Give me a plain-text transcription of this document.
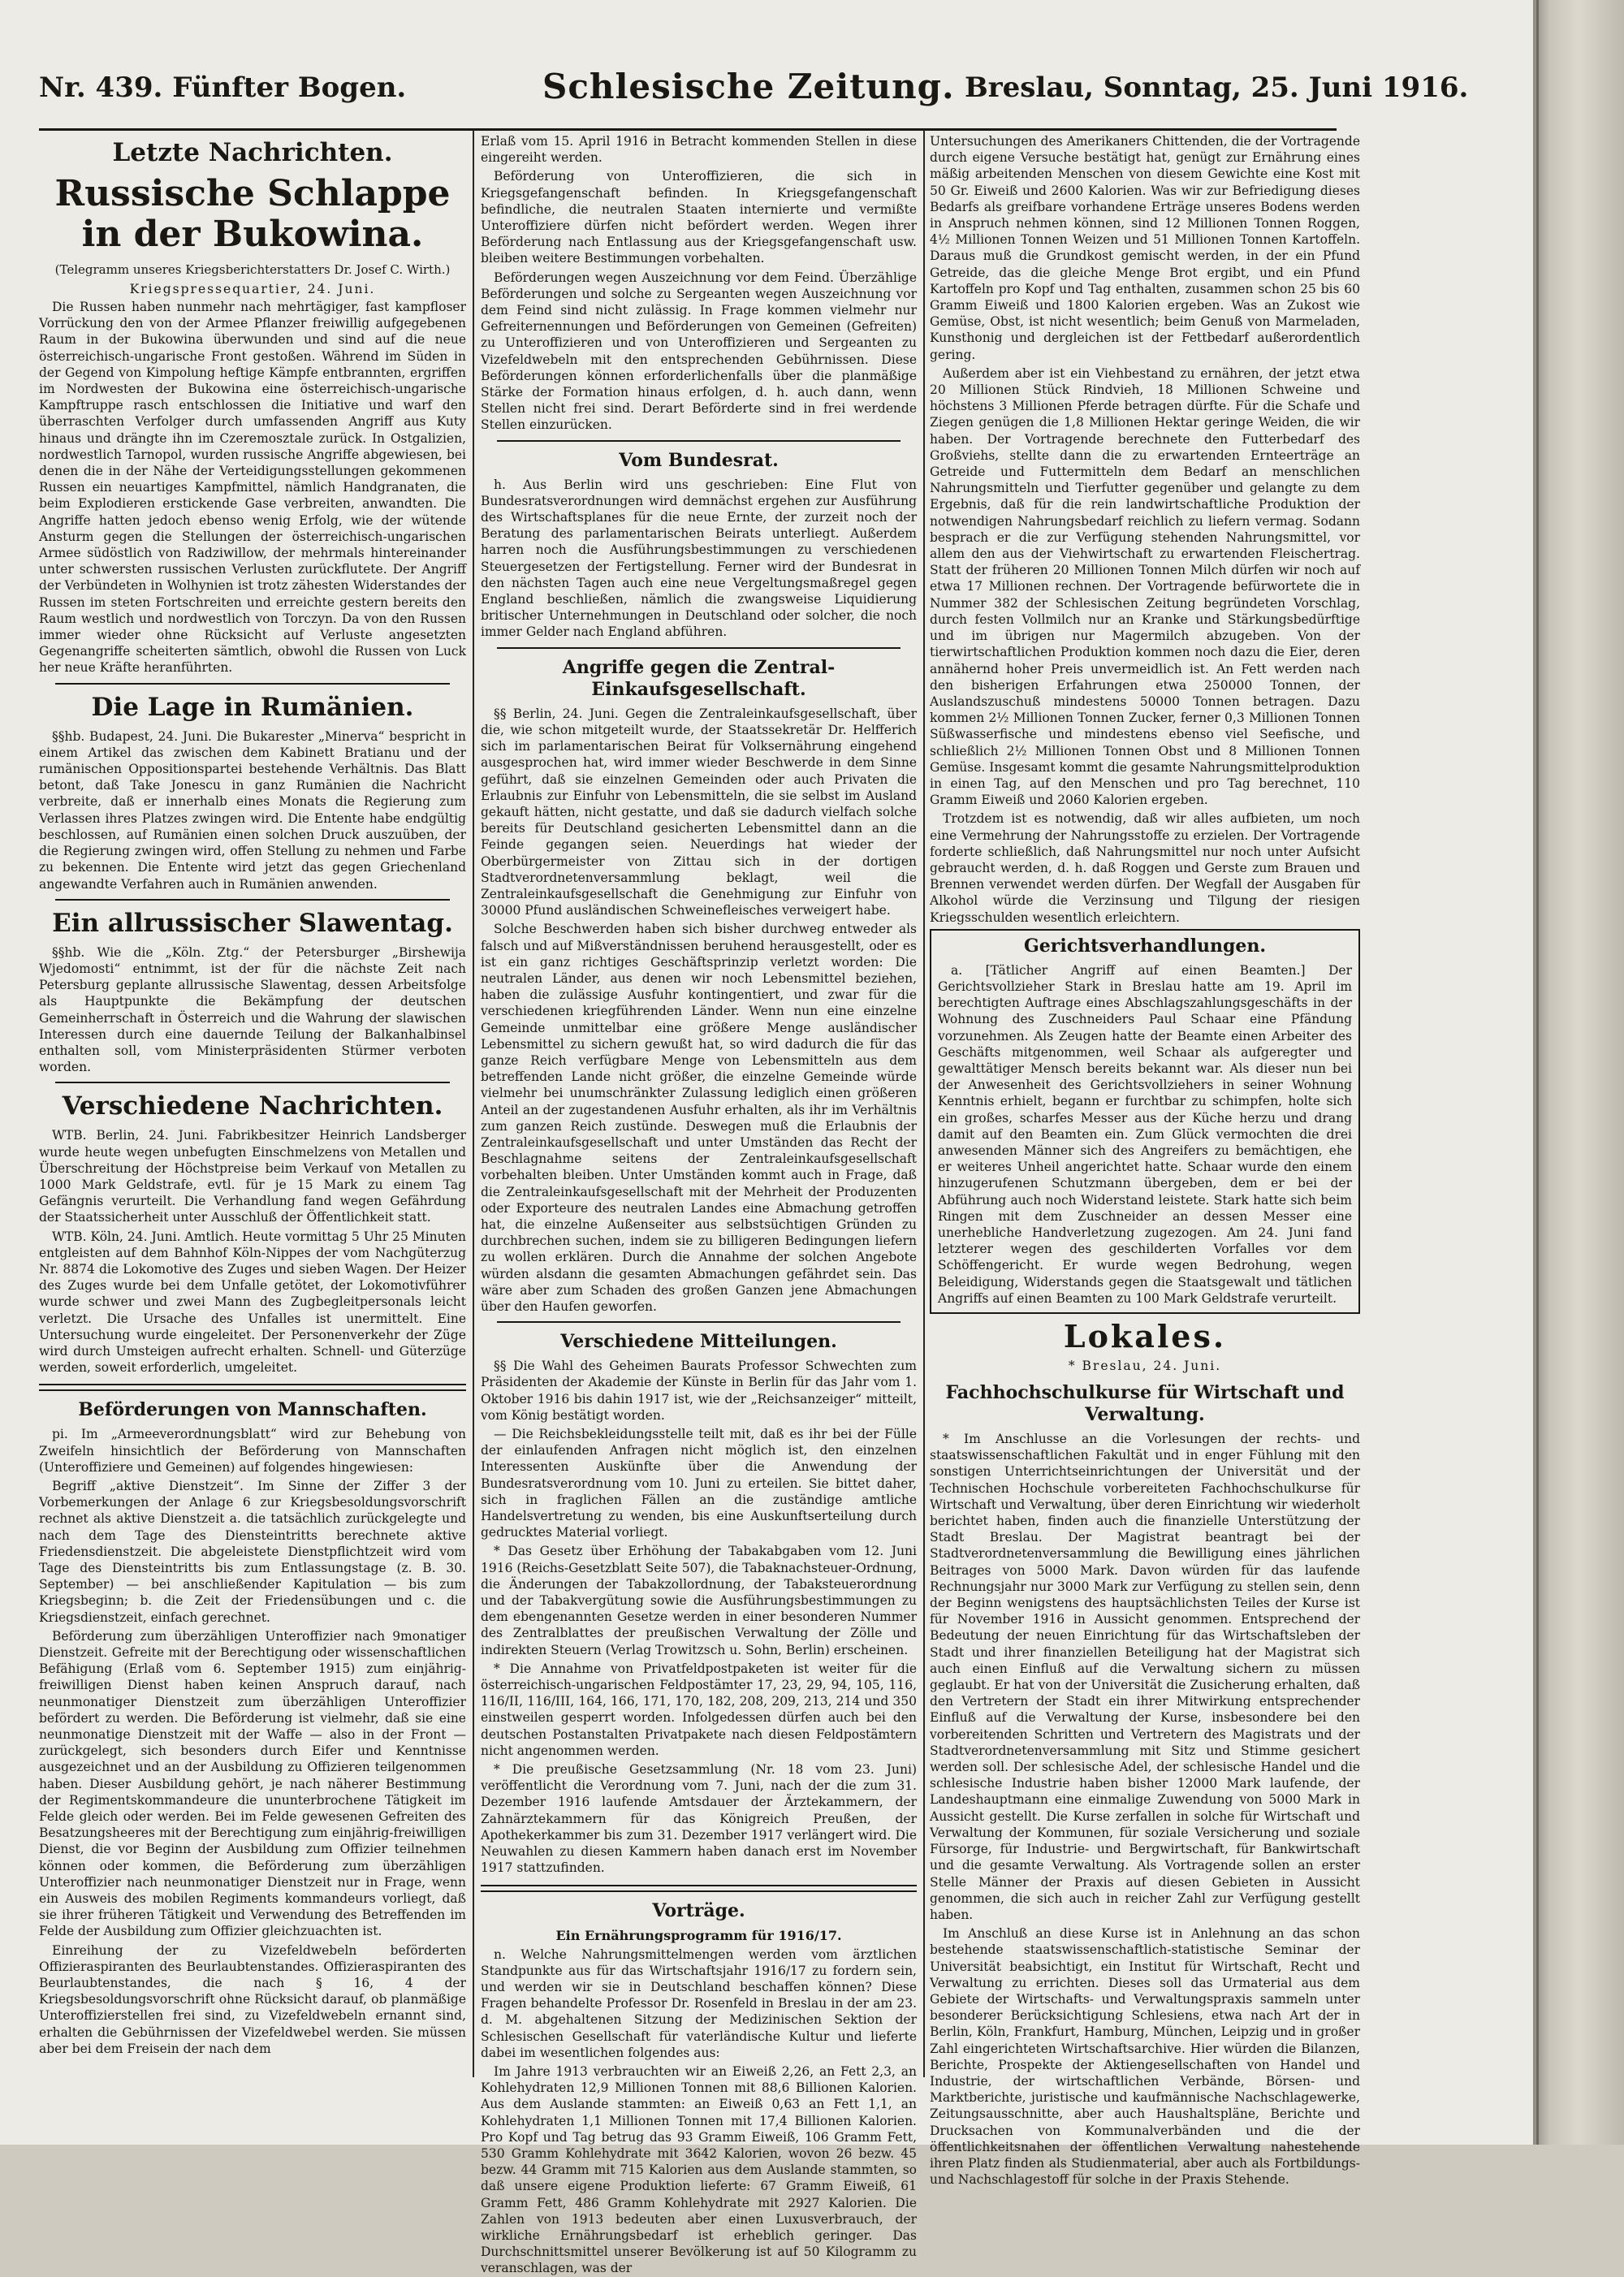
Nr. 439. Fünfter Bogen.	Schlesische Zeitung. Breslau, Sonntag, 25. Juni 1916.
Letzte Nachrichten.
Russische Schlappe in der Bukowina.
(Telegramm unseres Kriegsberichterstatters Dr. Josef C. Wirth.)
Kriegspressequartier, 24. Juni.

Die Russen haben nunmehr nach mehrtägiger, fast kampfloser Vorrückung den von der Armee Pflanzer freiwillig aufgegebenen Raum in der Bukowina überwunden und sind auf die neue österreichisch-ungarische Front gestoßen. Während im Süden in der Gegend von Kimpolung heftige Kämpfe entbrannten, ergriffen im Nordwesten der Bukowina eine österreichisch-ungarische Kampftruppe rasch entschlossen die Initiative und warf den überraschten Verfolger durch umfassenden Angriff aus Kuty hinaus und drängte ihn im Czeremosztale zurück. In Ostgalizien, nordwestlich Tarnopol, wurden russische Angriffe abgewiesen, bei denen die in der Nähe der Verteidigungsstellungen gekommenen Russen ein neuartiges Kampfmittel, nämlich Handgranaten, die beim Explodieren erstickende Gase verbreiten, anwandten. Die Angriffe hatten jedoch ebenso wenig Erfolg, wie der wütende Ansturm gegen die Stellungen der österreichisch-ungarischen Armee südöstlich von Radziwillow, der mehrmals hintereinander unter schwersten russischen Verlusten zurückflutete. Der Angriff der Verbündeten in Wolhynien ist trotz zähesten Widerstandes der Russen im steten Fortschreiten und erreichte gestern bereits den Raum westlich und nordwestlich von Torczyn. Da von den Russen immer wieder ohne Rücksicht auf Verluste angesetzten Gegenangriffe scheiterten sämtlich, obwohl die Russen von Luck her neue Kräfte heranführten.

Die Lage in Rumänien.

§§hb. Budapest, 24. Juni. Die Bukarester „Minerva“ bespricht in einem Artikel das zwischen dem Kabinett Bratianu und der rumänischen Oppositionspartei bestehende Verhältnis. Das Blatt betont, daß Take Jonescu in ganz Rumänien die Nachricht verbreite, daß er innerhalb eines Monats die Regierung zum Verlassen ihres Platzes zwingen wird. Die Entente habe endgültig beschlossen, auf Rumänien einen solchen Druck auszuüben, der die Regierung zwingen wird, offen Stellung zu nehmen und Farbe zu bekennen. Die Entente wird jetzt das gegen Griechenland angewandte Verfahren auch in Rumänien anwenden.

Ein allrussischer Slawentag.

§§hb. Wie die „Köln. Ztg.“ der Petersburger „Birshewija Wjedomosti“ entnimmt, ist der für die nächste Zeit nach Petersburg geplante allrussische Slawentag, dessen Arbeitsfolge als Hauptpunkte die Bekämpfung der deutschen Gemeinherrschaft in Österreich und die Wahrung der slawischen Interessen durch eine dauernde Teilung der Balkanhalbinsel enthalten soll, vom Ministerpräsidenten Stürmer verboten worden.

Verschiedene Nachrichten.

WTB. Berlin, 24. Juni. Fabrikbesitzer Heinrich Landsberger wurde heute wegen unbefugten Einschmelzens von Metallen und Überschreitung der Höchstpreise beim Verkauf von Metallen zu 1000 Mark Geldstrafe, evtl. für je 15 Mark zu einem Tag Gefängnis verurteilt. Die Verhandlung fand wegen Gefährdung der Staatssicherheit unter Ausschluß der Öffentlichkeit statt.

WTB. Köln, 24. Juni. Amtlich. Heute vormittag 5 Uhr 25 Minuten entgleisten auf dem Bahnhof Köln-Nippes der vom Nachgüterzug Nr. 8874 die Lokomotive des Zuges und sieben Wagen. Der Heizer des Zuges wurde bei dem Unfalle getötet, der Lokomotivführer wurde schwer und zwei Mann des Zugbegleitpersonals leicht verletzt. Die Ursache des Unfalles ist unermittelt. Eine Untersuchung wurde eingeleitet. Der Personenverkehr der Züge wird durch Umsteigen aufrecht erhalten. Schnell- und Güterzüge werden, soweit erforderlich, umgeleitet.

Beförderungen von Mannschaften.

pi. Im „Armeeverordnungsblatt“ wird zur Behebung von Zweifeln hinsichtlich der Beförderung von Mannschaften (Unteroffiziere und Gemeinen) auf folgendes hingewiesen:

Begriff „aktive Dienstzeit“. Im Sinne der Ziffer 3 der Vorbemerkungen der Anlage 6 zur Kriegsbesoldungsvorschrift rechnet als aktive Dienstzeit a. die tatsächlich zurückgelegte und nach dem Tage des Diensteintritts berechnete aktive Friedensdienstzeit. Die abgeleistete Dienstpflichtzeit wird vom Tage des Diensteintritts bis zum Entlassungstage (z. B. 30. September) — bei anschließender Kapitulation — bis zum Kriegsbeginn; b. die Zeit der Friedensübungen und c. die Kriegsdienstzeit, einfach gerechnet.

Beförderung zum überzähligen Unteroffizier nach 9monatiger Dienstzeit. Gefreite mit der Berechtigung oder wissenschaftlichen Befähigung (Erlaß vom 6. September 1915) zum einjährig-freiwilligen Dienst haben keinen Anspruch darauf, nach neunmonatiger Dienstzeit zum überzähligen Unteroffizier befördert zu werden. Die Beförderung ist vielmehr, daß sie eine neunmonatige Dienstzeit mit der Waffe — also in der Front — zurückgelegt, sich besonders durch Eifer und Kenntnisse ausgezeichnet und an der Ausbildung zu Offizieren teilgenommen haben. Dieser Ausbildung gehört, je nach näherer Bestimmung der Regimentskommandeure die ununterbrochene Tätigkeit im Felde gleich oder werden. Bei im Felde gewesenen Gefreiten des Besatzungsheeres mit der Berechtigung zum einjährig-freiwilligen Dienst, die vor Beginn der Ausbildung zum Offizier teilnehmen können oder kommen, die Beförderung zum überzähligen Unteroffizier nach neunmonatiger Dienstzeit nur in Frage, wenn ein Ausweis des mobilen Regiments kommandeurs vorliegt, daß sie ihrer früheren Tätigkeit und Verwendung des Betreffenden im Felde der Ausbildung zum Offizier gleichzuachten ist.

Einreihung der zu Vizefeldwebeln beförderten Offizieraspiranten des Beurlaubtenstandes. Offizieraspiranten des Beurlaubtenstandes, die nach § 16, 4 der Kriegsbesoldungsvorschrift ohne Rücksicht darauf, ob planmäßige Unteroffizierstellen frei sind, zu Vizefeldwebeln ernannt sind, erhalten die Gebührnissen der Vizefeldwebel werden. Sie müssen aber bei dem Freisein der nach dem

Erlaß vom 15. April 1916 in Betracht kommenden Stellen in diese eingereiht werden.

Beförderung von Unteroffizieren, die sich in Kriegsgefangenschaft befinden. In Kriegsgefangenschaft befindliche, die neutralen Staaten internierte und vermißte Unteroffiziere dürfen nicht befördert werden. Wegen ihrer Beförderung nach Entlassung aus der Kriegsgefangenschaft usw. bleiben weitere Bestimmungen vorbehalten.

Beförderungen wegen Auszeichnung vor dem Feind. Überzählige Beförderungen und solche zu Sergeanten wegen Auszeichnung vor dem Feind sind nicht zulässig. In Frage kommen vielmehr nur Gefreiternennungen und Beförderungen von Gemeinen (Gefreiten) zu Unteroffizieren und von Unteroffizieren und Sergeanten zu Vizefeldwebeln mit den entsprechenden Gebührnissen. Diese Beförderungen können erforderlichenfalls über die planmäßige Stärke der Formation hinaus erfolgen, d. h. auch dann, wenn Stellen nicht frei sind. Derart Beförderte sind in frei werdende Stellen einzurücken.

Vom Bundesrat.

h. Aus Berlin wird uns geschrieben: Eine Flut von Bundesratsverordnungen wird demnächst ergehen zur Ausführung des Wirtschaftsplanes für die neue Ernte, der zurzeit noch der Beratung des parlamentarischen Beirats unterliegt. Außerdem harren noch die Ausführungsbestimmungen zu verschiedenen Steuergesetzen der Fertigstellung. Ferner wird der Bundesrat in den nächsten Tagen auch eine neue Vergeltungsmaßregel gegen England beschließen, nämlich die zwangsweise Liquidierung britischer Unternehmungen in Deutschland oder solcher, die noch immer Gelder nach England abführen.

Angriffe gegen die Zentral-Einkaufsgesellschaft.

§§ Berlin, 24. Juni. Gegen die Zentraleinkaufsgesellschaft, über die, wie schon mitgeteilt wurde, der Staatssekretär Dr. Helfferich sich im parlamentarischen Beirat für Volksernährung eingehend ausgesprochen hat, wird immer wieder Beschwerde in dem Sinne geführt, daß sie einzelnen Gemeinden oder auch Privaten die Erlaubnis zur Einfuhr von Lebensmitteln, die sie selbst im Ausland gekauft hätten, nicht gestatte, und daß sie dadurch vielfach solche bereits für Deutschland gesicherten Lebensmittel dann an die Feinde gegangen seien. Neuerdings hat wieder der Oberbürgermeister von Zittau sich in der dortigen Stadtverordnetenversammlung beklagt, weil die Zentraleinkaufsgesellschaft die Genehmigung zur Einfuhr von 30000 Pfund ausländischen Schweinefleisches verweigert habe.

Solche Beschwerden haben sich bisher durchweg entweder als falsch und auf Mißverständnissen beruhend herausgestellt, oder es ist ein ganz richtiges Geschäftsprinzip verletzt worden: Die neutralen Länder, aus denen wir noch Lebensmittel beziehen, haben die zulässige Ausfuhr kontingentiert, und zwar für die verschiedenen kriegführenden Länder. Wenn nun eine einzelne Gemeinde unmittelbar eine größere Menge ausländischer Lebensmittel zu sichern gewußt hat, so wird dadurch die für das ganze Reich verfügbare Menge von Lebensmitteln aus dem betreffenden Lande nicht größer, die einzelne Gemeinde würde vielmehr bei unumschränkter Zulassung lediglich einen größeren Anteil an der zugestandenen Ausfuhr erhalten, als ihr im Verhältnis zum ganzen Reich zustünde. Deswegen muß die Erlaubnis der Zentraleinkaufsgesellschaft und unter Umständen das Recht der Beschlagnahme seitens der Zentraleinkaufsgesellschaft vorbehalten bleiben. Unter Umständen kommt auch in Frage, daß die Zentraleinkaufsgesellschaft mit der Mehrheit der Produzenten oder Exporteure des neutralen Landes eine Abmachung getroffen hat, die einzelne Außenseiter aus selbstsüchtigen Gründen zu durchbrechen suchen, indem sie zu billigeren Bedingungen liefern zu wollen erklären. Durch die Annahme der solchen Angebote würden alsdann die gesamten Abmachungen gefährdet sein. Das wäre aber zum Schaden des großen Ganzen jene Abmachungen über den Haufen geworfen.

Verschiedene Mitteilungen.

§§ Die Wahl des Geheimen Baurats Professor Schwechten zum Präsidenten der Akademie der Künste in Berlin für das Jahr vom 1. Oktober 1916 bis dahin 1917 ist, wie der „Reichsanzeiger“ mitteilt, vom König bestätigt worden.

— Die Reichsbekleidungsstelle teilt mit, daß es ihr bei der Fülle der einlaufenden Anfragen nicht möglich ist, den einzelnen Interessenten Auskünfte über die Anwendung der Bundesratsverordnung vom 10. Juni zu erteilen. Sie bittet daher, sich in fraglichen Fällen an die zuständige amtliche Handelsvertretung zu wenden, bis eine Auskunftserteilung durch gedrucktes Material vorliegt.

* Das Gesetz über Erhöhung der Tabakabgaben vom 12. Juni 1916 (Reichs-Gesetzblatt Seite 507), die Tabaknachsteuer-Ordnung, die Änderungen der Tabakzollordnung, der Tabaksteuerordnung und der Tabakvergütung sowie die Ausführungsbestimmungen zu dem ebengenannten Gesetze werden in einer besonderen Nummer des Zentralblattes der preußischen Verwaltung der Zölle und indirekten Steuern (Verlag Trowitzsch u. Sohn, Berlin) erscheinen.

* Die Annahme von Privatfeldpostpaketen ist weiter für die österreichisch-ungarischen Feldpostämter 17, 23, 29, 94, 105, 116, 116/II, 116/III, 164, 166, 171, 170, 182, 208, 209, 213, 214 und 350 einstweilen gesperrt worden. Infolgedessen dürfen auch bei den deutschen Postanstalten Privatpakete nach diesen Feldpostämtern nicht angenommen werden.

* Die preußische Gesetzsammlung (Nr. 18 vom 23. Juni) veröffentlicht die Verordnung vom 7. Juni, nach der die zum 31. Dezember 1916 laufende Amtsdauer der Ärztekammern, der Zahnärztekammern für das Königreich Preußen, der Apothekerkammer bis zum 31. Dezember 1917 verlängert wird. Die Neuwahlen zu diesen Kammern haben danach erst im November 1917 stattzufinden.

Vorträge.
Ein Ernährungsprogramm für 1916/17.

n. Welche Nahrungsmittelmengen werden vom ärztlichen Standpunkte aus für das Wirtschaftsjahr 1916/17 zu fordern sein, und werden wir sie in Deutschland beschaffen können? Diese Fragen behandelte Professor Dr. Rosenfeld in Breslau in der am 23. d. M. abgehaltenen Sitzung der Medizinischen Sektion der Schlesischen Gesellschaft für vaterländische Kultur und lieferte dabei im wesentlichen folgendes aus:

Im Jahre 1913 verbrauchten wir an Eiweiß 2,26, an Fett 2,3, an Kohlehydraten 12,9 Millionen Tonnen mit 88,6 Billionen Kalorien. Aus dem Auslande stammten: an Eiweiß 0,63 an Fett 1,1, an Kohlehydraten 1,1 Millionen Tonnen mit 17,4 Billionen Kalorien. Pro Kopf und Tag betrug das 93 Gramm Eiweiß, 106 Gramm Fett, 530 Gramm Kohlehydrate mit 3642 Kalorien, wovon 26 bezw. 45 bezw. 44 Gramm mit 715 Kalorien aus dem Auslande stammten, so daß unsere eigene Produktion lieferte: 67 Gramm Eiweiß, 61 Gramm Fett, 486 Gramm Kohlehydrate mit 2927 Kalorien. Die Zahlen von 1913 bedeuten aber einen Luxusverbrauch, der wirkliche Ernährungsbedarf ist erheblich geringer. Das Durchschnittsmittel unserer Bevölkerung ist auf 50 Kilogramm zu veranschlagen, was der

Untersuchungen des Amerikaners Chittenden, die der Vortragende durch eigene Versuche bestätigt hat, genügt zur Ernährung eines mäßig arbeitenden Menschen von diesem Gewichte eine Kost mit 50 Gr. Eiweiß und 2600 Kalorien. Was wir zur Befriedigung dieses Bedarfs als greifbare vorhandene Erträge unseres Bodens werden in Anspruch nehmen können, sind 12 Millionen Tonnen Roggen, 4½ Millionen Tonnen Weizen und 51 Millionen Tonnen Kartoffeln. Daraus muß die Grundkost gemischt werden, in der ein Pfund Getreide, das die gleiche Menge Brot ergibt, und ein Pfund Kartoffeln pro Kopf und Tag enthalten, zusammen schon 25 bis 60 Gramm Eiweiß und 1800 Kalorien ergeben. Was an Zukost wie Gemüse, Obst, ist nicht wesentlich; beim Genuß von Marmeladen, Kunsthonig und dergleichen ist der Fettbedarf außerordentlich gering.

Außerdem aber ist ein Viehbestand zu ernähren, der jetzt etwa 20 Millionen Stück Rindvieh, 18 Millionen Schweine und höchstens 3 Millionen Pferde betragen dürfte. Für die Schafe und Ziegen genügen die 1,8 Millionen Hektar geringe Weiden, die wir haben. Der Vortragende berechnete den Futterbedarf des Großviehs, stellte dann die zu erwartenden Ernteerträge an Getreide und Futtermitteln dem Bedarf an menschlichen Nahrungsmitteln und Tierfutter gegenüber und gelangte zu dem Ergebnis, daß für die rein landwirtschaftliche Produktion der notwendigen Nahrungsbedarf reichlich zu liefern vermag. Sodann besprach er die zur Verfügung stehenden Nahrungsmittel, vor allem den aus der Viehwirtschaft zu erwartenden Fleischertrag. Statt der früheren 20 Millionen Tonnen Milch dürfen wir noch auf etwa 17 Millionen rechnen. Der Vortragende befürwortete die in Nummer 382 der Schlesischen Zeitung begründeten Vorschlag, durch festen Vollmilch nur an Kranke und Stärkungsbedürftige und im übrigen nur Magermilch abzugeben. Von der tierwirtschaftlichen Produktion kommen noch dazu die Eier, deren annähernd hoher Preis unvermeidlich ist. An Fett werden nach den bisherigen Erfahrungen etwa 250000 Tonnen, der Auslandszuschuß mindestens 50000 Tonnen betragen. Dazu kommen 2½ Millionen Tonnen Zucker, ferner 0,3 Millionen Tonnen Süßwasserfische und mindestens ebenso viel Seefische, und schließlich 2½ Millionen Tonnen Obst und 8 Millionen Tonnen Gemüse. Insgesamt kommt die gesamte Nahrungsmittelproduktion in einen Tag, auf den Menschen und pro Tag berechnet, 110 Gramm Eiweiß und 2060 Kalorien ergeben.

Trotzdem ist es notwendig, daß wir alles aufbieten, um noch eine Vermehrung der Nahrungsstoffe zu erzielen. Der Vortragende forderte schließlich, daß Nahrungsmittel nur noch unter Aufsicht gebraucht werden, d. h. daß Roggen und Gerste zum Brauen und Brennen verwendet werden dürfen. Der Wegfall der Ausgaben für Alkohol würde die Verzinsung und Tilgung der riesigen Kriegsschulden wesentlich erleichtern.

Gerichtsverhandlungen.

a. [Tätlicher Angriff auf einen Beamten.] Der Gerichtsvollzieher Stark in Breslau hatte am 19. April im berechtigten Auftrage eines Abschlagszahlungsgeschäfts in der Wohnung des Zuschneiders Paul Schaar eine Pfändung vorzunehmen. Als Zeugen hatte der Beamte einen Arbeiter des Geschäfts mitgenommen, weil Schaar als aufgeregter und gewalttätiger Mensch bereits bekannt war. Als dieser nun bei der Anwesenheit des Gerichtsvollziehers in seiner Wohnung Kenntnis erhielt, begann er furchtbar zu schimpfen, holte sich ein großes, scharfes Messer aus der Küche herzu und drang damit auf den Beamten ein. Zum Glück vermochten die drei anwesenden Männer sich des Angreifers zu bemächtigen, ehe er weiteres Unheil angerichtet hatte. Schaar wurde den einem hinzugerufenen Schutzmann übergeben, dem er bei der Abführung auch noch Widerstand leistete. Stark hatte sich beim Ringen mit dem Zuschneider an dessen Messer eine unerhebliche Handverletzung zugezogen. Am 24. Juni fand letzterer wegen des geschilderten Vorfalles vor dem Schöffengericht. Er wurde wegen Bedrohung, wegen Beleidigung, Widerstands gegen die Staatsgewalt und tätlichen Angriffs auf einen Beamten zu 100 Mark Geldstrafe verurteilt.

Lokales.
* Breslau, 24. Juni.
Fachhochschulkurse für Wirtschaft und Verwaltung.

* Im Anschlusse an die Vorlesungen der rechts- und staatswissenschaftlichen Fakultät und in enger Fühlung mit den sonstigen Unterrichtseinrichtungen der Universität und der Technischen Hochschule vorbereiteten Fachhochschulkurse für Wirtschaft und Verwaltung, über deren Einrichtung wir wiederholt berichtet haben, finden auch die finanzielle Unterstützung der Stadt Breslau. Der Magistrat beantragt bei der Stadtverordnetenversammlung die Bewilligung eines jährlichen Beitrages von 5000 Mark. Davon würden für das laufende Rechnungsjahr nur 3000 Mark zur Verfügung zu stellen sein, denn der Beginn wenigstens des hauptsächlichsten Teiles der Kurse ist für November 1916 in Aussicht genommen. Entsprechend der Bedeutung der neuen Einrichtung für das Wirtschaftsleben der Stadt und ihrer finanziellen Beteiligung hat der Magistrat sich auch einen Einfluß auf die Verwaltung sichern zu müssen geglaubt. Er hat von der Universität die Zusicherung erhalten, daß den Vertretern der Stadt ein ihrer Mitwirkung entsprechender Einfluß auf die Verwaltung der Kurse, insbesondere bei den vorbereitenden Schritten und Vertretern des Magistrats und der Stadtverordnetenversammlung mit Sitz und Stimme gesichert werden soll. Der schlesische Adel, der schlesische Handel und die schlesische Industrie haben bisher 12000 Mark laufende, der Landeshauptmann eine einmalige Zuwendung von 5000 Mark in Aussicht gestellt. Die Kurse zerfallen in solche für Wirtschaft und Verwaltung der Kommunen, für soziale Versicherung und soziale Fürsorge, für Industrie- und Bergwirtschaft, für Bankwirtschaft und die gesamte Verwaltung. Als Vortragende sollen an erster Stelle Männer der Praxis auf diesen Gebieten in Aussicht genommen, die sich auch in reicher Zahl zur Verfügung gestellt haben.

Im Anschluß an diese Kurse ist in Anlehnung an das schon bestehende staatswissenschaftlich-statistische Seminar der Universität beabsichtigt, ein Institut für Wirtschaft, Recht und Verwaltung zu errichten. Dieses soll das Urmaterial aus dem Gebiete der Wirtschafts- und Verwaltungspraxis sammeln unter besonderer Berücksichtigung Schlesiens, etwa nach Art der in Berlin, Köln, Frankfurt, Hamburg, München, Leipzig und in großer Zahl eingerichteten Wirtschaftsarchive. Hier würden die Bilanzen, Berichte, Prospekte der Aktiengesellschaften von Handel und Industrie, der wirtschaftlichen Verbände, Börsen- und Marktberichte, juristische und kaufmännische Nachschlagewerke, Zeitungsausschnitte, aber auch Haushaltspläne, Berichte und Drucksachen von Kommunalverbänden und die der öffentlichkeitsnahen der öffentlichen Verwaltung nahestehende ihren Platz finden als Studienmaterial, aber auch als Fortbildungs- und Nachschlagestoff für solche in der Praxis Stehende.
